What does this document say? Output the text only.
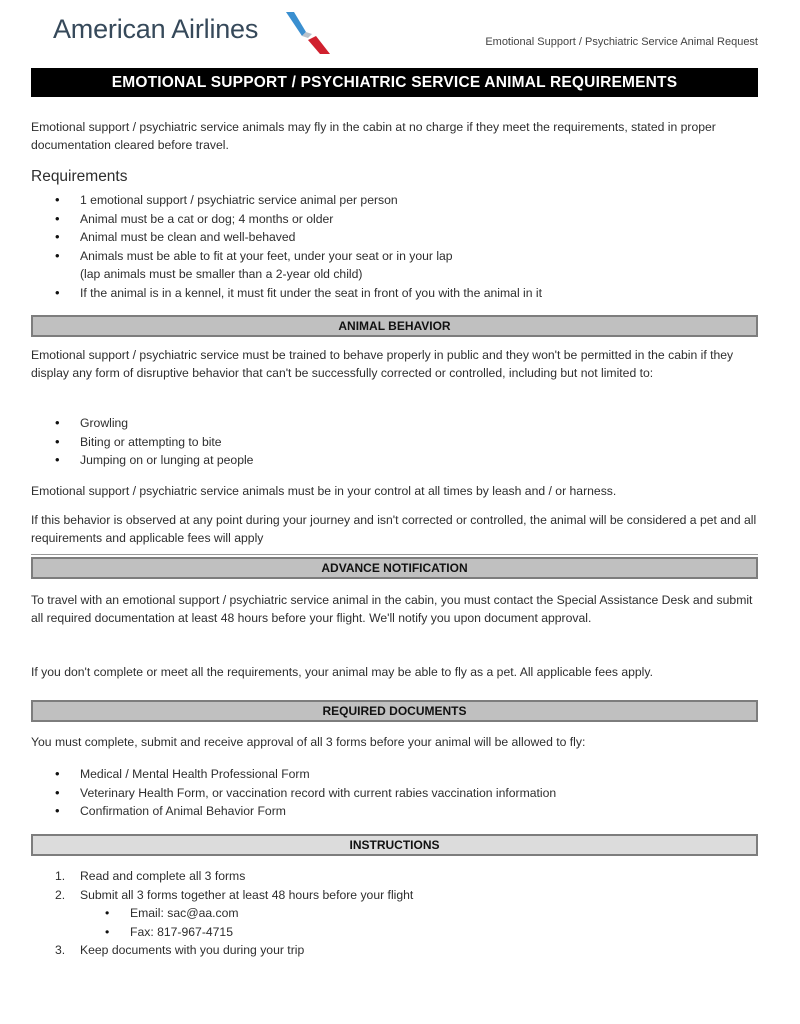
American Airlines	Emotional Support / Psychiatric Service Animal Request
EMOTIONAL SUPPORT / PSYCHIATRIC SERVICE ANIMAL REQUIREMENTS
Emotional support / psychiatric service animals may fly in the cabin at no charge if they meet the requirements, stated in proper documentation cleared before travel.
Requirements
• 1 emotional support / psychiatric service animal per person
• Animal must be a cat or dog; 4 months or older
• Animal must be clean and well-behaved
• Animals must be able to fit at your feet, under your seat or in your lap
(lap animals must be smaller than a 2-year old child)
• If the animal is in a kennel, it must fit under the seat in front of you with the animal in it
ANIMAL BEHAVIOR
Emotional support / psychiatric service must be trained to behave properly in public and they won't be permitted in the cabin if they display any form of disruptive behavior that can't be successfully corrected or controlled, including but not limited to:
• Growling
• Biting or attempting to bite
• Jumping on or lunging at people
Emotional support / psychiatric service animals must be in your control at all times by leash and / or harness.
If this behavior is observed at any point during your journey and isn't corrected or controlled, the animal will be considered a pet and all requirements and applicable fees will apply
ADVANCE NOTIFICATION
To travel with an emotional support / psychiatric service animal in the cabin, you must contact the Special Assistance Desk and submit all required documentation at least 48 hours before your flight. We'll notify you upon document approval.
If you don't complete or meet all the requirements, your animal may be able to fly as a pet. All applicable fees apply.
REQUIRED DOCUMENTS
You must complete, submit and receive approval of all 3 forms before your animal will be allowed to fly:
• Medical / Mental Health Professional Form
• Veterinary Health Form, or vaccination record with current rabies vaccination information
• Confirmation of Animal Behavior Form
INSTRUCTIONS
1. Read and complete all 3 forms
2. Submit all 3 forms together at least 48 hours before your flight
• Email: sac@aa.com
• Fax: 817-967-4715
3. Keep documents with you during your trip
